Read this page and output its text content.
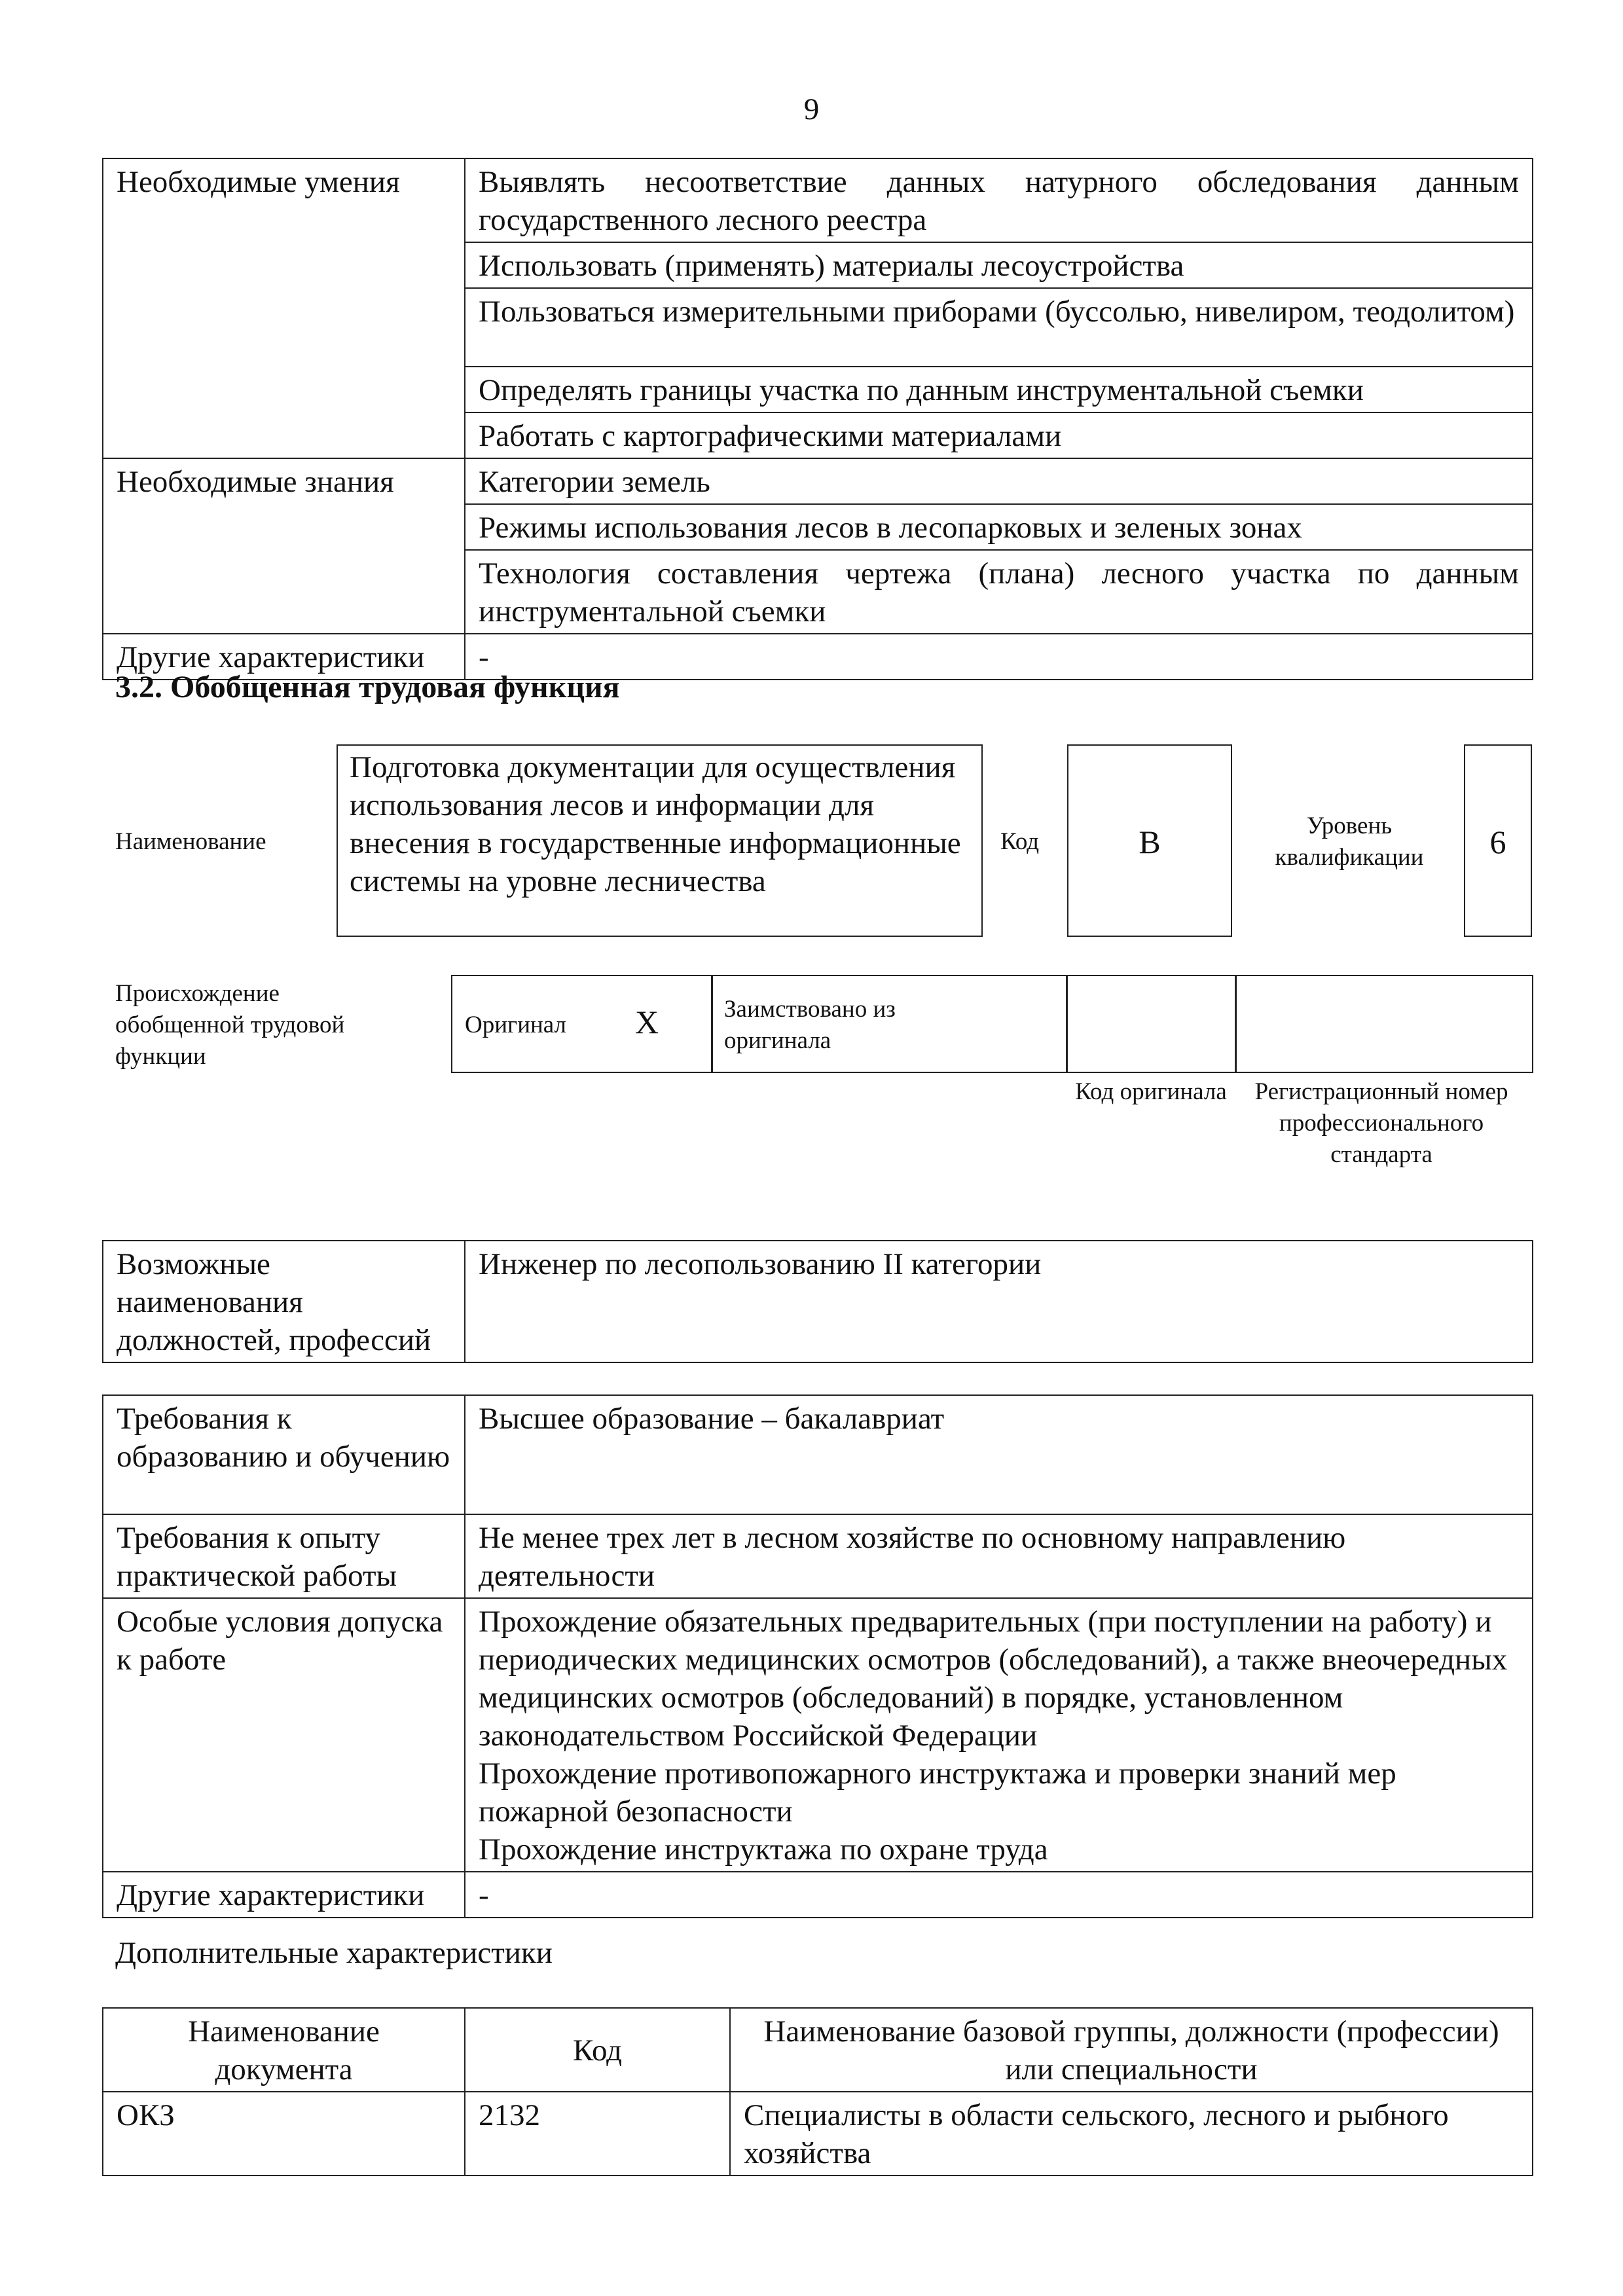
9
Необходимые умения	Выявлять несоответствие данных натурного обследования данным государственного лесного реестра
	Использовать (применять) материалы лесоустройства
	Пользоваться измерительными приборами (буссолью, нивелиром, теодолитом)
	Определять границы участка по данным инструментальной съемки
	Работать с картографическими материалами
Необходимые знания	Категории земель
	Режимы использования лесов в лесопарковых и зеленых зонах
	Технология составления чертежа (плана) лесного участка по данным инструментальной съемки
Другие характеристики	-
3.2. Обобщенная трудовая функция
Наименование
Подготовка документации для осуществления использования лесов и информации для внесения в государственные информационные системы на уровне лесничества
Код	B	Уровень квалификации	6
Происхождение обобщенной трудовой функции
Оригинал X	Заимствовано из оригинала
Код оригинала	Регистрационный номер профессионального стандарта
Возможные наименования должностей, профессий	Инженер по лесопользованию II категории
Требования к образованию и обучению	Высшее образование – бакалавриат
Требования к опыту практической работы	Не менее трех лет в лесном хозяйстве по основному направлению деятельности
Особые условия допуска к работе	Прохождение обязательных предварительных (при поступлении на работу) и периодических медицинских осмотров (обследований), а также внеочередных медицинских осмотров (обследований) в порядке, установленном законодательством Российской Федерации
Прохождение противопожарного инструктажа и проверки знаний мер пожарной безопасности
Прохождение инструктажа по охране труда

Другие характеристики	-
Дополнительные характеристики
Наименование документа	Код	Наименование базовой группы, должности (профессии) или специальности
ОКЗ	2132	Специалисты в области сельского, лесного и рыбного хозяйства
